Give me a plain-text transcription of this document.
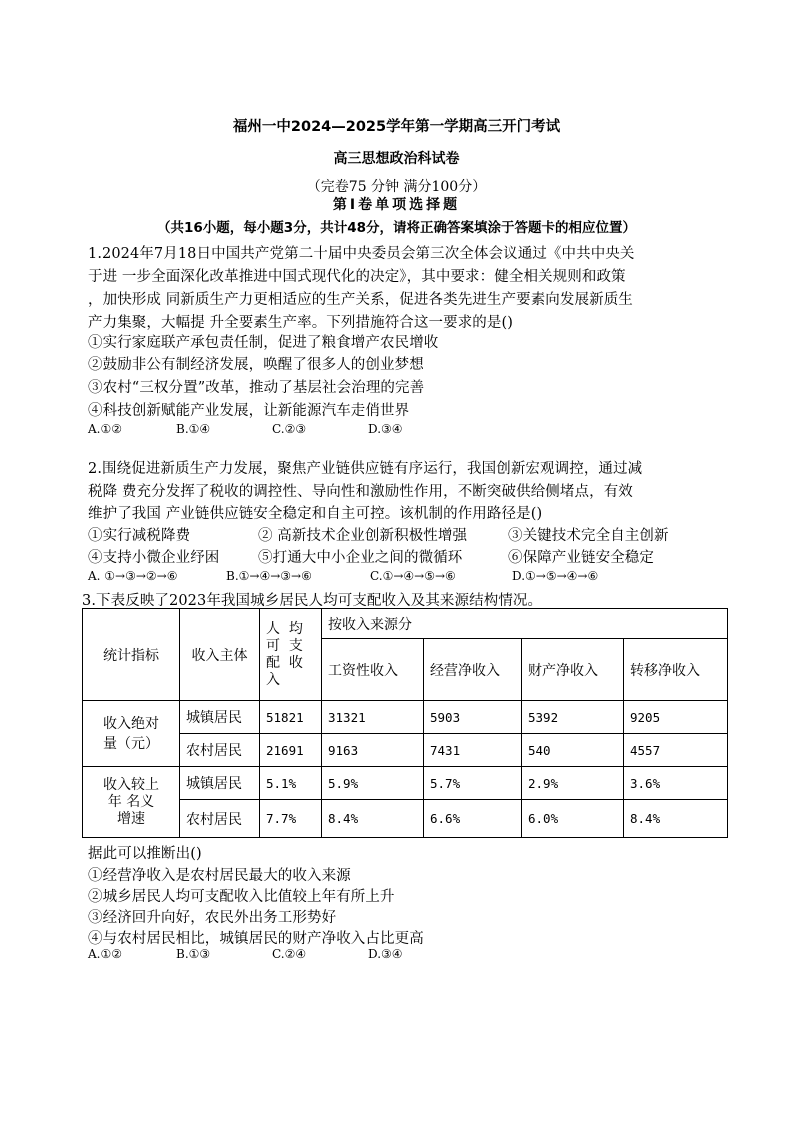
福州一中2024—2025学年第一学期高三开门考试
高三思想政治科试卷
（完卷75 分钟 满分100分）
第Ⅰ卷单项选择题
（共16小题，每小题3分，共计48分，请将正确答案填涂于答题卡的相应位置）
1.2024年7月18日中国共产党第二十届中央委员会第三次全体会议通过《中共中央关
于进 一步全面深化改革推进中国式现代化的决定》，其中要求：健全相关规则和政策
，加快形成 同新质生产力更相适应的生产关系，促进各类先进生产要素向发展新质生
产力集聚，大幅提 升全要素生产率。下列措施符合这一要求的是()
①实行家庭联产承包责任制，促进了粮食增产农民增收
②鼓励非公有制经济发展，唤醒了很多人的创业梦想
③农村“三权分置”改革，推动了基层社会治理的完善
④科技创新赋能产业发展，让新能源汽车走俏世界
A.①②	B.①④	C.②③	D.③④
2.围绕促进新质生产力发展，聚焦产业链供应链有序运行，我国创新宏观调控，通过减
税降 费充分发挥了税收的调控性、导向性和激励性作用，不断突破供给侧堵点，有效
维护了我国 产业链供应链安全稳定和自主可控。该机制的作用路径是()
①实行减税降费	② 高新技术企业创新积极性增强	③关键技术完全自主创新
④支持小微企业纾困	⑤打通大中小企业之间的微循环	⑥保障产业链安全稳定
A. ①→③→②→⑥	B.①→④→③→⑥	C.①→④→⑤→⑥	D.①→⑤→④→⑥
3.下表反映了2023年我国城乡居民人均可支配收入及其来源结构情况。
统计指标	收入主体	人  均
可  支
配  收
入	按收入来源分			
			工资性收入	经营净收入	财产净收入	转移净收入

收入绝对
量（元）	城镇居民	51821	31321	5903	5392	9205
	农村居民	21691	9163	7431	540	4557

收入较上
年 名义
增速	城镇居民	5.1%	5.9%	5.7%	2.9%	3.6%
	农村居民	7.7%	8.4%	6.6%	6.0%	8.4%
据此可以推断出()
①经营净收入是农村居民最大的收入来源
②城乡居民人均可支配收入比值较上年有所上升
③经济回升向好，农民外出务工形势好
④与农村居民相比，城镇居民的财产净收入占比更高
A.①②	B.①③	C.②④	D.③④
